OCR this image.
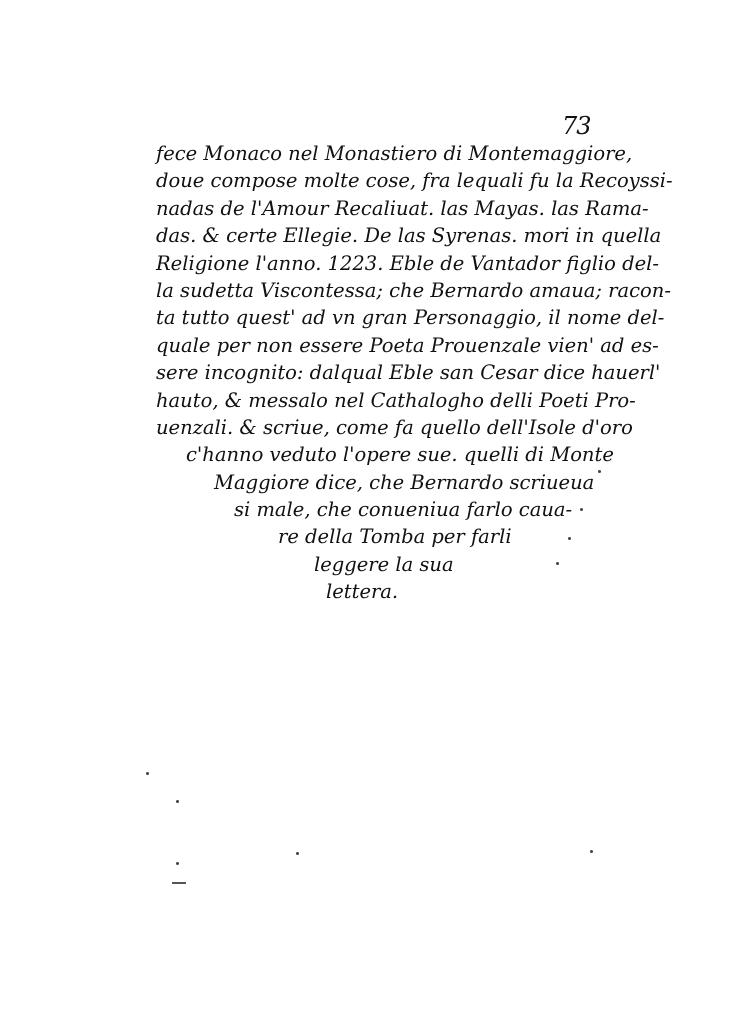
73
fece Monaco nel Monastiero di Montemaggiore,
doue compose molte cose, fra lequali fu la Recoyssi-
nadas de l'Amour Recaliuat. las Mayas. las Rama-
das. & certe Ellegie. De las Syrenas. mori in quella
Religione l'anno. 1223. Eble de Vantador figlio del-
la sudetta Viscontessa; che Bernardo amaua; racon-
ta tutto quest' ad vn gran Personaggio, il nome del-
quale per non essere Poeta Prouenzale vien' ad es-
sere incognito: dalqual Eble san Cesar dice hauerl'
hauto, & messalo nel Cathalogho delli Poeti Pro-
uenzali. & scriue, come fa quello dell'Isole d'oro
c'hanno veduto l'opere sue. quelli di Monte
Maggiore dice, che Bernardo scriueua
si male, che conueniua farlo caua-
re della Tomba per farli
leggere la sua
lettera.
